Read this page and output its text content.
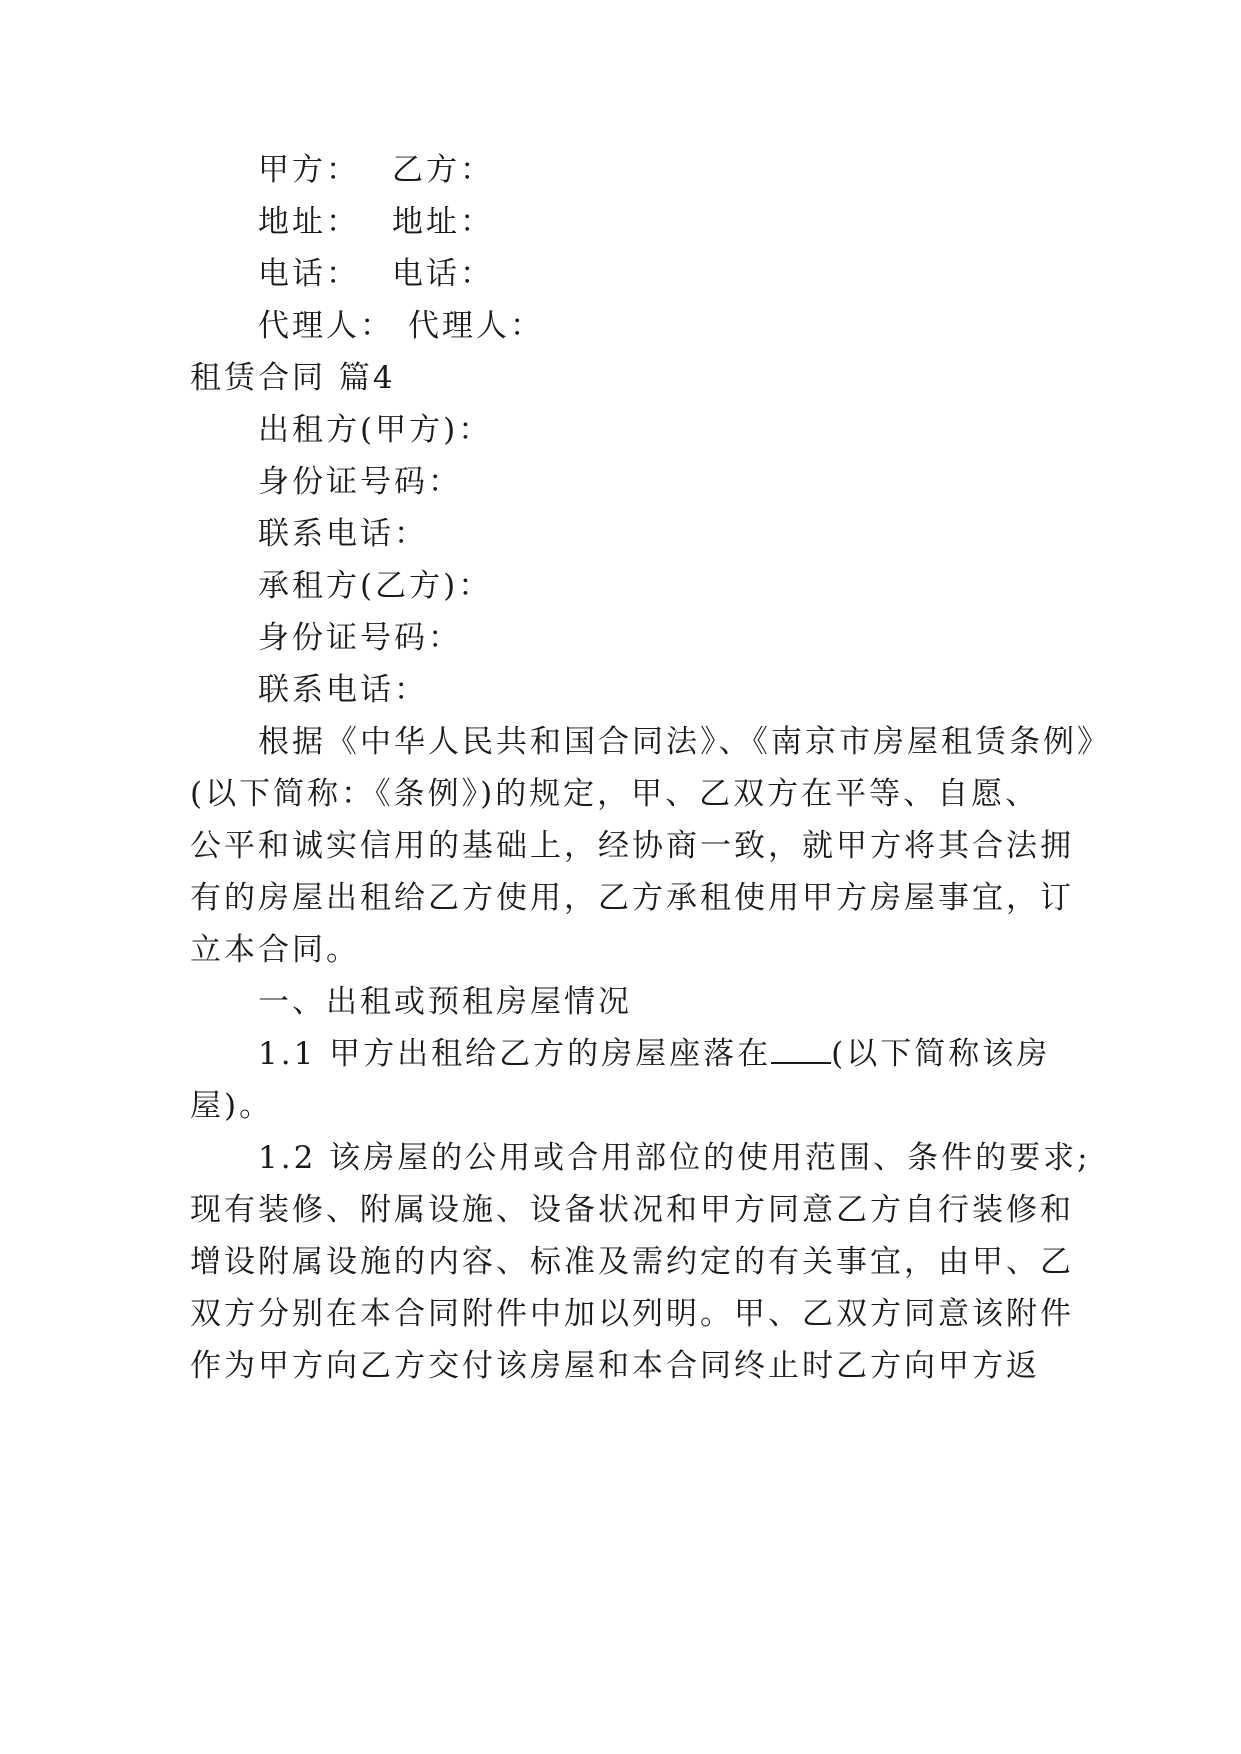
甲方： 乙方：
地址： 地址：
电话： 电话：
代理人： 代理人：
租赁合同 篇4
出租方(甲方)：
身份证号码：
联系电话：
承租方(乙方)：
身份证号码：
联系电话：
根据《中华人民共和国合同法》、《南京市房屋租赁条例》
(以下简称：《条例》)的规定，甲、乙双方在平等、自愿、
公平和诚实信用的基础上，经协商一致，就甲方将其合法拥
有的房屋出租给乙方使用，乙方承租使用甲方房屋事宜，订
立本合同。
一、出租或预租房屋情况
1.1 甲方出租给乙方的房屋座落在 (以下简称该房
屋)。
1.2 该房屋的公用或合用部位的使用范围、条件的要求;
现有装修、附属设施、设备状况和甲方同意乙方自行装修和
增设附属设施的内容、标准及需约定的有关事宜，由甲、乙
双方分别在本合同附件中加以列明。甲、乙双方同意该附件
作为甲方向乙方交付该房屋和本合同终止时乙方向甲方返
